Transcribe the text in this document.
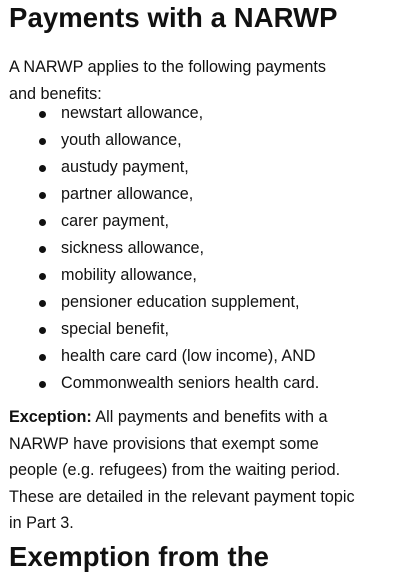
Payments with a NARWP

A NARWP applies to the following payments
and benefits:

newstart allowance,
youth allowance,
austudy payment,
partner allowance,
carer payment,
sickness allowance,
mobility allowance,
pensioner education supplement,
special benefit,
health care card (low income), AND
Commonwealth seniors health card.

Exception: All payments and benefits with a
NARWP have provisions that exempt some
people (e.g. refugees) from the waiting period.
These are detailed in the relevant payment topic
in Part 3.

Exemption from the
